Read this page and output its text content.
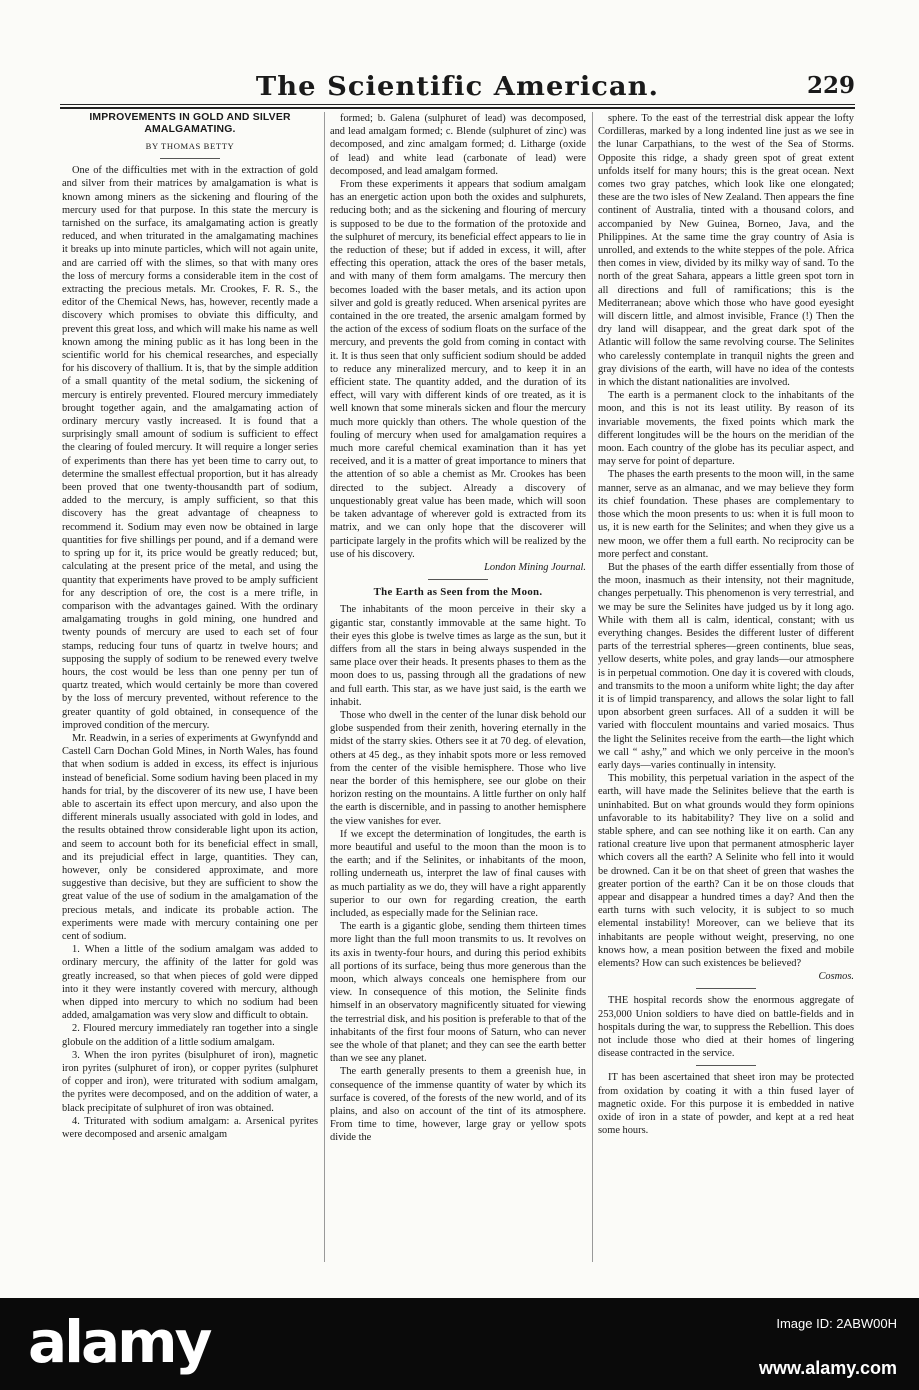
The Scientific American.	229
IMPROVEMENTS IN GOLD AND SILVER AMALGAMATING.
BY THOMAS BETTY

One of the difficulties met with in the extraction of gold and silver from their matrices by amalgamation is what is known among miners as the sickening and flouring of the mercury used for that purpose. In this state the mercury is tarnished on the surface, its amalgamating action is greatly reduced, and when triturated in the amalgamating machines it breaks up into minute particles, which will not again unite, and are carried off with the slimes, so that with many ores the loss of mercury forms a considerable item in the cost of extracting the precious metals. Mr. Crookes, F. R. S., the editor of the Chemical News, has, however, recently made a discovery which promises to obviate this difficulty, and prevent this great loss, and which will make his name as well known among the mining public as it has long been in the scientific world for his chemical researches, and especially for his discovery of thallium. It is, that by the simple addition of a small quantity of the metal sodium, the sickening of mercury is entirely prevented. Floured mercury immediately brought together again, and the amalgamating action of ordinary mercury vastly increased. It is found that a surprisingly small amount of sodium is sufficient to effect the clearing of fouled mercury. It will require a longer series of experiments than there has yet been time to carry out, to determine the smallest effectual proportion, but it has already been proved that one twenty-thousandth part of sodium, added to the mercury, is amply sufficient, so that this discovery has the great advantage of cheapness to recommend it. Sodium may even now be obtained in large quantities for five shillings per pound, and if a demand were to spring up for it, its price would be greatly reduced; but, calculating at the present price of the metal, and using the quantity that experiments have proved to be amply sufficient for any description of ore, the cost is a mere trifle, in comparison with the advantages gained. With the ordinary amalgamating troughs in gold mining, one hundred and twenty pounds of mercury are used to each set of four stamps, reducing four tuns of quartz in twelve hours; and supposing the supply of sodium to be renewed every twelve hours, the cost would be less than one penny per tun of quartz treated, which would certainly be more than covered by the loss of mercury prevented, without reference to the greater quantity of gold obtained, in consequence of the improved condition of the mercury.

Mr. Readwin, in a series of experiments at Gwynfyndd and Castell Carn Dochan Gold Mines, in North Wales, has found that when sodium is added in excess, its effect is injurious instead of beneficial. Some sodium having been placed in my hands for trial, by the discoverer of its new use, I have been able to ascertain its effect upon mercury, and also upon the different minerals usually associated with gold in lodes, and the results obtained throw considerable light upon its action, and seem to account both for its beneficial effect in small, and its prejudicial effect in large, quantities. They can, however, only be considered approximate, and more suggestive than decisive, but they are sufficient to show the great value of the use of sodium in the amalgamation of the precious metals, and indicate its probable action. The experiments were made with mercury containing one per cent of sodium.

1. When a little of the sodium amalgam was added to ordinary mercury, the affinity of the latter for gold was greatly increased, so that when pieces of gold were dipped into it they were instantly covered with mercury, although when dipped into mercury to which no sodium had been added, amalgamation was very slow and difficult to obtain.

2. Floured mercury immediately ran together into a single globule on the addition of a little sodium amalgam.

3. When the iron pyrites (bisulphuret of iron), magnetic iron pyrites (sulphuret of iron), or copper pyrites (sulphuret of copper and iron), were triturated with sodium amalgam, the pyrites were decomposed, and on the addition of water, a black precipitate of sulphuret of iron was obtained.

4. Triturated with sodium amalgam: a. Arsenical pyrites were decomposed and arsenic amalgam

formed; b. Galena (sulphuret of lead) was decomposed, and lead amalgam formed; c. Blende (sulphuret of zinc) was decomposed, and zinc amalgam formed; d. Litharge (oxide of lead) and white lead (carbonate of lead) were decomposed, and lead amalgam formed.

From these experiments it appears that sodium amalgam has an energetic action upon both the oxides and sulphurets, reducing both; and as the sickening and flouring of mercury is supposed to be due to the formation of the protoxide and the sulphuret of mercury, its beneficial effect appears to lie in the reduction of these; but if added in excess, it will, after effecting this operation, attack the ores of the baser metals, and with many of them form amalgams. The mercury then becomes loaded with the baser metals, and its action upon silver and gold is greatly reduced. When arsenical pyrites are contained in the ore treated, the arsenic amalgam formed by the action of the excess of sodium floats on the surface of the mercury, and prevents the gold from coming in contact with it. It is thus seen that only sufficient sodium should be added to reduce any mineralized mercury, and to keep it in an efficient state. The quantity added, and the duration of its effect, will vary with different kinds of ore treated, as it is well known that some minerals sicken and flour the mercury much more quickly than others. The whole question of the fouling of mercury when used for amalgamation requires a much more careful chemical examination than it has yet received, and it is a matter of great importance to miners that the attention of so able a chemist as Mr. Crookes has been directed to the subject. Already a discovery of unquestionably great value has been made, which will soon be taken advantage of wherever gold is extracted from its matrix, and we can only hope that the discoverer will participate largely in the profits which will be realized by the use of his discovery.

London Mining Journal.

The Earth as Seen from the Moon.

The inhabitants of the moon perceive in their sky a gigantic star, constantly immovable at the same hight. To their eyes this globe is twelve times as large as the sun, but it differs from all the stars in being always suspended in the same place over their heads. It presents phases to them as the moon does to us, passing through all the gradations of new and full earth. This star, as we have just said, is the earth we inhabit.

Those who dwell in the center of the lunar disk behold our globe suspended from their zenith, hovering eternally in the midst of the starry skies. Others see it at 70 deg. of elevation, others at 45 deg., as they inhabit spots more or less removed from the center of the visible hemisphere. Those who live near the border of this hemisphere, see our globe on their horizon resting on the mountains. A little further on only half the earth is discernible, and in passing to another hemisphere the view vanishes for ever.

If we except the determination of longitudes, the earth is more beautiful and useful to the moon than the moon is to the earth; and if the Selinites, or inhabitants of the moon, rolling underneath us, interpret the law of final causes with as much partiality as we do, they will have a right apparently superior to our own for regarding creation, the earth included, as especially made for the Selinian race.

The earth is a gigantic globe, sending them thirteen times more light than the full moon transmits to us. It revolves on its axis in twenty-four hours, and during this period exhibits all portions of its surface, being thus more generous than the moon, which always conceals one hemisphere from our view. In consequence of this motion, the Selinite finds himself in an observatory magnificently situated for viewing the terrestrial disk, and his position is preferable to that of the inhabitants of the first four moons of Saturn, who can never see the whole of that planet; and they can see the earth better than we see any planet.

The earth generally presents to them a greenish hue, in consequence of the immense quantity of water by which its surface is covered, of the forests of the new world, and of its plains, and also on account of the tint of its atmosphere. From time to time, however, large gray or yellow spots divide the

sphere. To the east of the terrestrial disk appear the lofty Cordilleras, marked by a long indented line just as we see in the lunar Carpathians, to the west of the Sea of Storms. Opposite this ridge, a shady green spot of great extent unfolds itself for many hours; this is the great ocean. Next comes two gray patches, which look like one elongated; these are the two isles of New Zealand. Then appears the fine continent of Australia, tinted with a thousand colors, and accompanied by New Guinea, Borneo, Java, and the Philippines. At the same time the gray country of Asia is unrolled, and extends to the white steppes of the pole. Africa then comes in view, divided by its milky way of sand. To the north of the great Sahara, appears a little green spot torn in all directions and full of ramifications; this is the Mediterranean; above which those who have good eyesight will discern little, and almost invisible, France (!) Then the dry land will disappear, and the great dark spot of the Atlantic will follow the same revolving course. The Selinites who carelessly contemplate in tranquil nights the green and gray divisions of the earth, will have no idea of the contests in which the distant nationalities are involved.

The earth is a permanent clock to the inhabitants of the moon, and this is not its least utility. By reason of its invariable movements, the fixed points which mark the different longitudes will be the hours on the meridian of the moon. Each country of the globe has its peculiar aspect, and may serve for point of departure.

The phases the earth presents to the moon will, in the same manner, serve as an almanac, and we may believe they form its chief foundation. These phases are complementary to those which the moon presents to us: when it is full moon to us, it is new earth for the Selinites; and when they give us a new moon, we offer them a full earth. No reciprocity can be more perfect and constant.

But the phases of the earth differ essentially from those of the moon, inasmuch as their intensity, not their magnitude, changes perpetually. This phenomenon is very terrestrial, and we may be sure the Selinites have judged us by it long ago. While with them all is calm, identical, constant; with us everything changes. Besides the different luster of different parts of the terrestrial spheres—green continents, blue seas, yellow deserts, white poles, and gray lands—our atmosphere is in perpetual commotion. One day it is covered with clouds, and transmits to the moon a uniform white light; the day after it is of limpid transparency, and allows the solar light to fall upon absorbent green surfaces. All of a sudden it will be varied with flocculent mountains and varied mosaics. Thus the light the Selinites receive from the earth—the light which we call “ ashy,” and which we only perceive in the moon's early days—varies continually in intensity.

This mobility, this perpetual variation in the aspect of the earth, will have made the Selinites believe that the earth is uninhabited. But on what grounds would they form opinions unfavorable to its habitability? They live on a solid and stable sphere, and can see nothing like it on earth. Can any rational creature live upon that permanent atmospheric layer which covers all the earth? A Selinite who fell into it would be drowned. Can it be on that sheet of green that washes the greater portion of the earth? Can it be on those clouds that appear and disappear a hundred times a day? And then the earth turns with such velocity, it is subject to so much elemental instability! Moreover, can we believe that its inhabitants are people without weight, preserving, no one knows how, a mean position between the fixed and mobile elements? How can such existences be believed?

Cosmos.

THE hospital records show the enormous aggregate of 253,000 Union soldiers to have died on battle-fields and in hospitals during the war, to suppress the Rebellion. This does not include those who died at their homes of lingering disease contracted in the service.

IT has been ascertained that sheet iron may be protected from oxidation by coating it with a thin fused layer of magnetic oxide. For this purpose it is embedded in native oxide of iron in a state of powder, and kept at a red heat some hours.

alamy	Image ID: 2ABW00H
www.alamy.com
